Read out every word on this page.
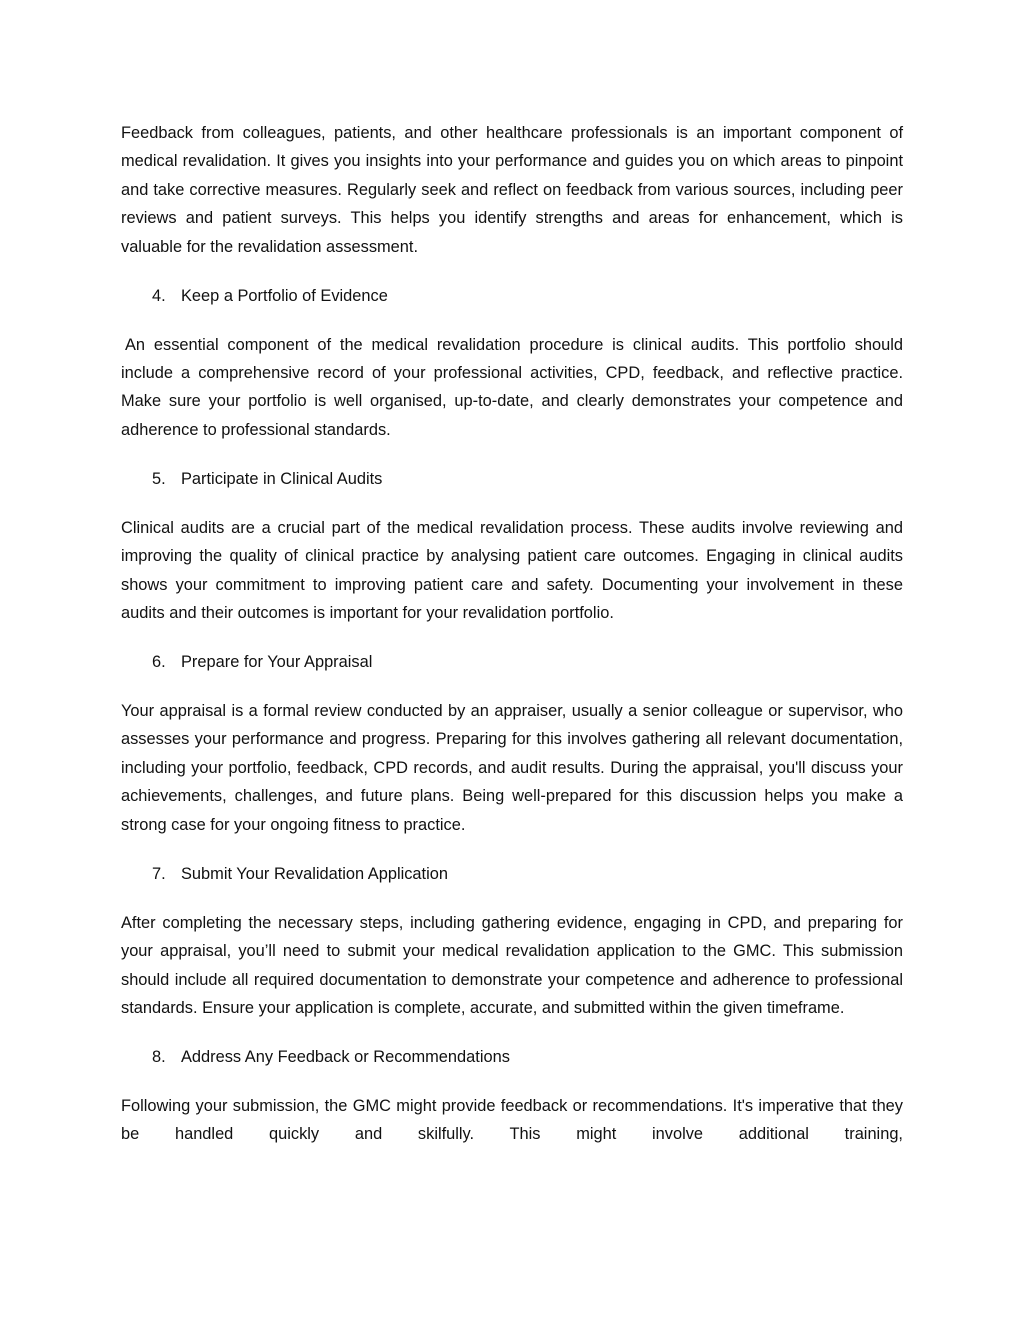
Feedback from colleagues, patients, and other healthcare professionals is an important component of medical revalidation. It gives you insights into your performance and guides you on which areas to pinpoint and take corrective measures. Regularly seek and reflect on feedback from various sources, including peer reviews and patient surveys. This helps you identify strengths and areas for enhancement, which is valuable for the revalidation assessment.

4. Keep a Portfolio of Evidence

An essential component of the medical revalidation procedure is clinical audits. This portfolio should include a comprehensive record of your professional activities, CPD, feedback, and reflective practice. Make sure your portfolio is well organised, up-to-date, and clearly demonstrates your competence and adherence to professional standards.

5. Participate in Clinical Audits

Clinical audits are a crucial part of the medical revalidation process. These audits involve reviewing and improving the quality of clinical practice by analysing patient care outcomes. Engaging in clinical audits shows your commitment to improving patient care and safety. Documenting your involvement in these audits and their outcomes is important for your revalidation portfolio.

6. Prepare for Your Appraisal

Your appraisal is a formal review conducted by an appraiser, usually a senior colleague or supervisor, who assesses your performance and progress. Preparing for this involves gathering all relevant documentation, including your portfolio, feedback, CPD records, and audit results. During the appraisal, you'll discuss your achievements, challenges, and future plans. Being well-prepared for this discussion helps you make a strong case for your ongoing fitness to practice.

7. Submit Your Revalidation Application

After completing the necessary steps, including gathering evidence, engaging in CPD, and preparing for your appraisal, you’ll need to submit your medical revalidation application to the GMC. This submission should include all required documentation to demonstrate your competence and adherence to professional standards. Ensure your application is complete, accurate, and submitted within the given timeframe.

8. Address Any Feedback or Recommendations

Following your submission, the GMC might provide feedback or recommendations. It's imperative that they be handled quickly and skilfully. This might involve additional training,
